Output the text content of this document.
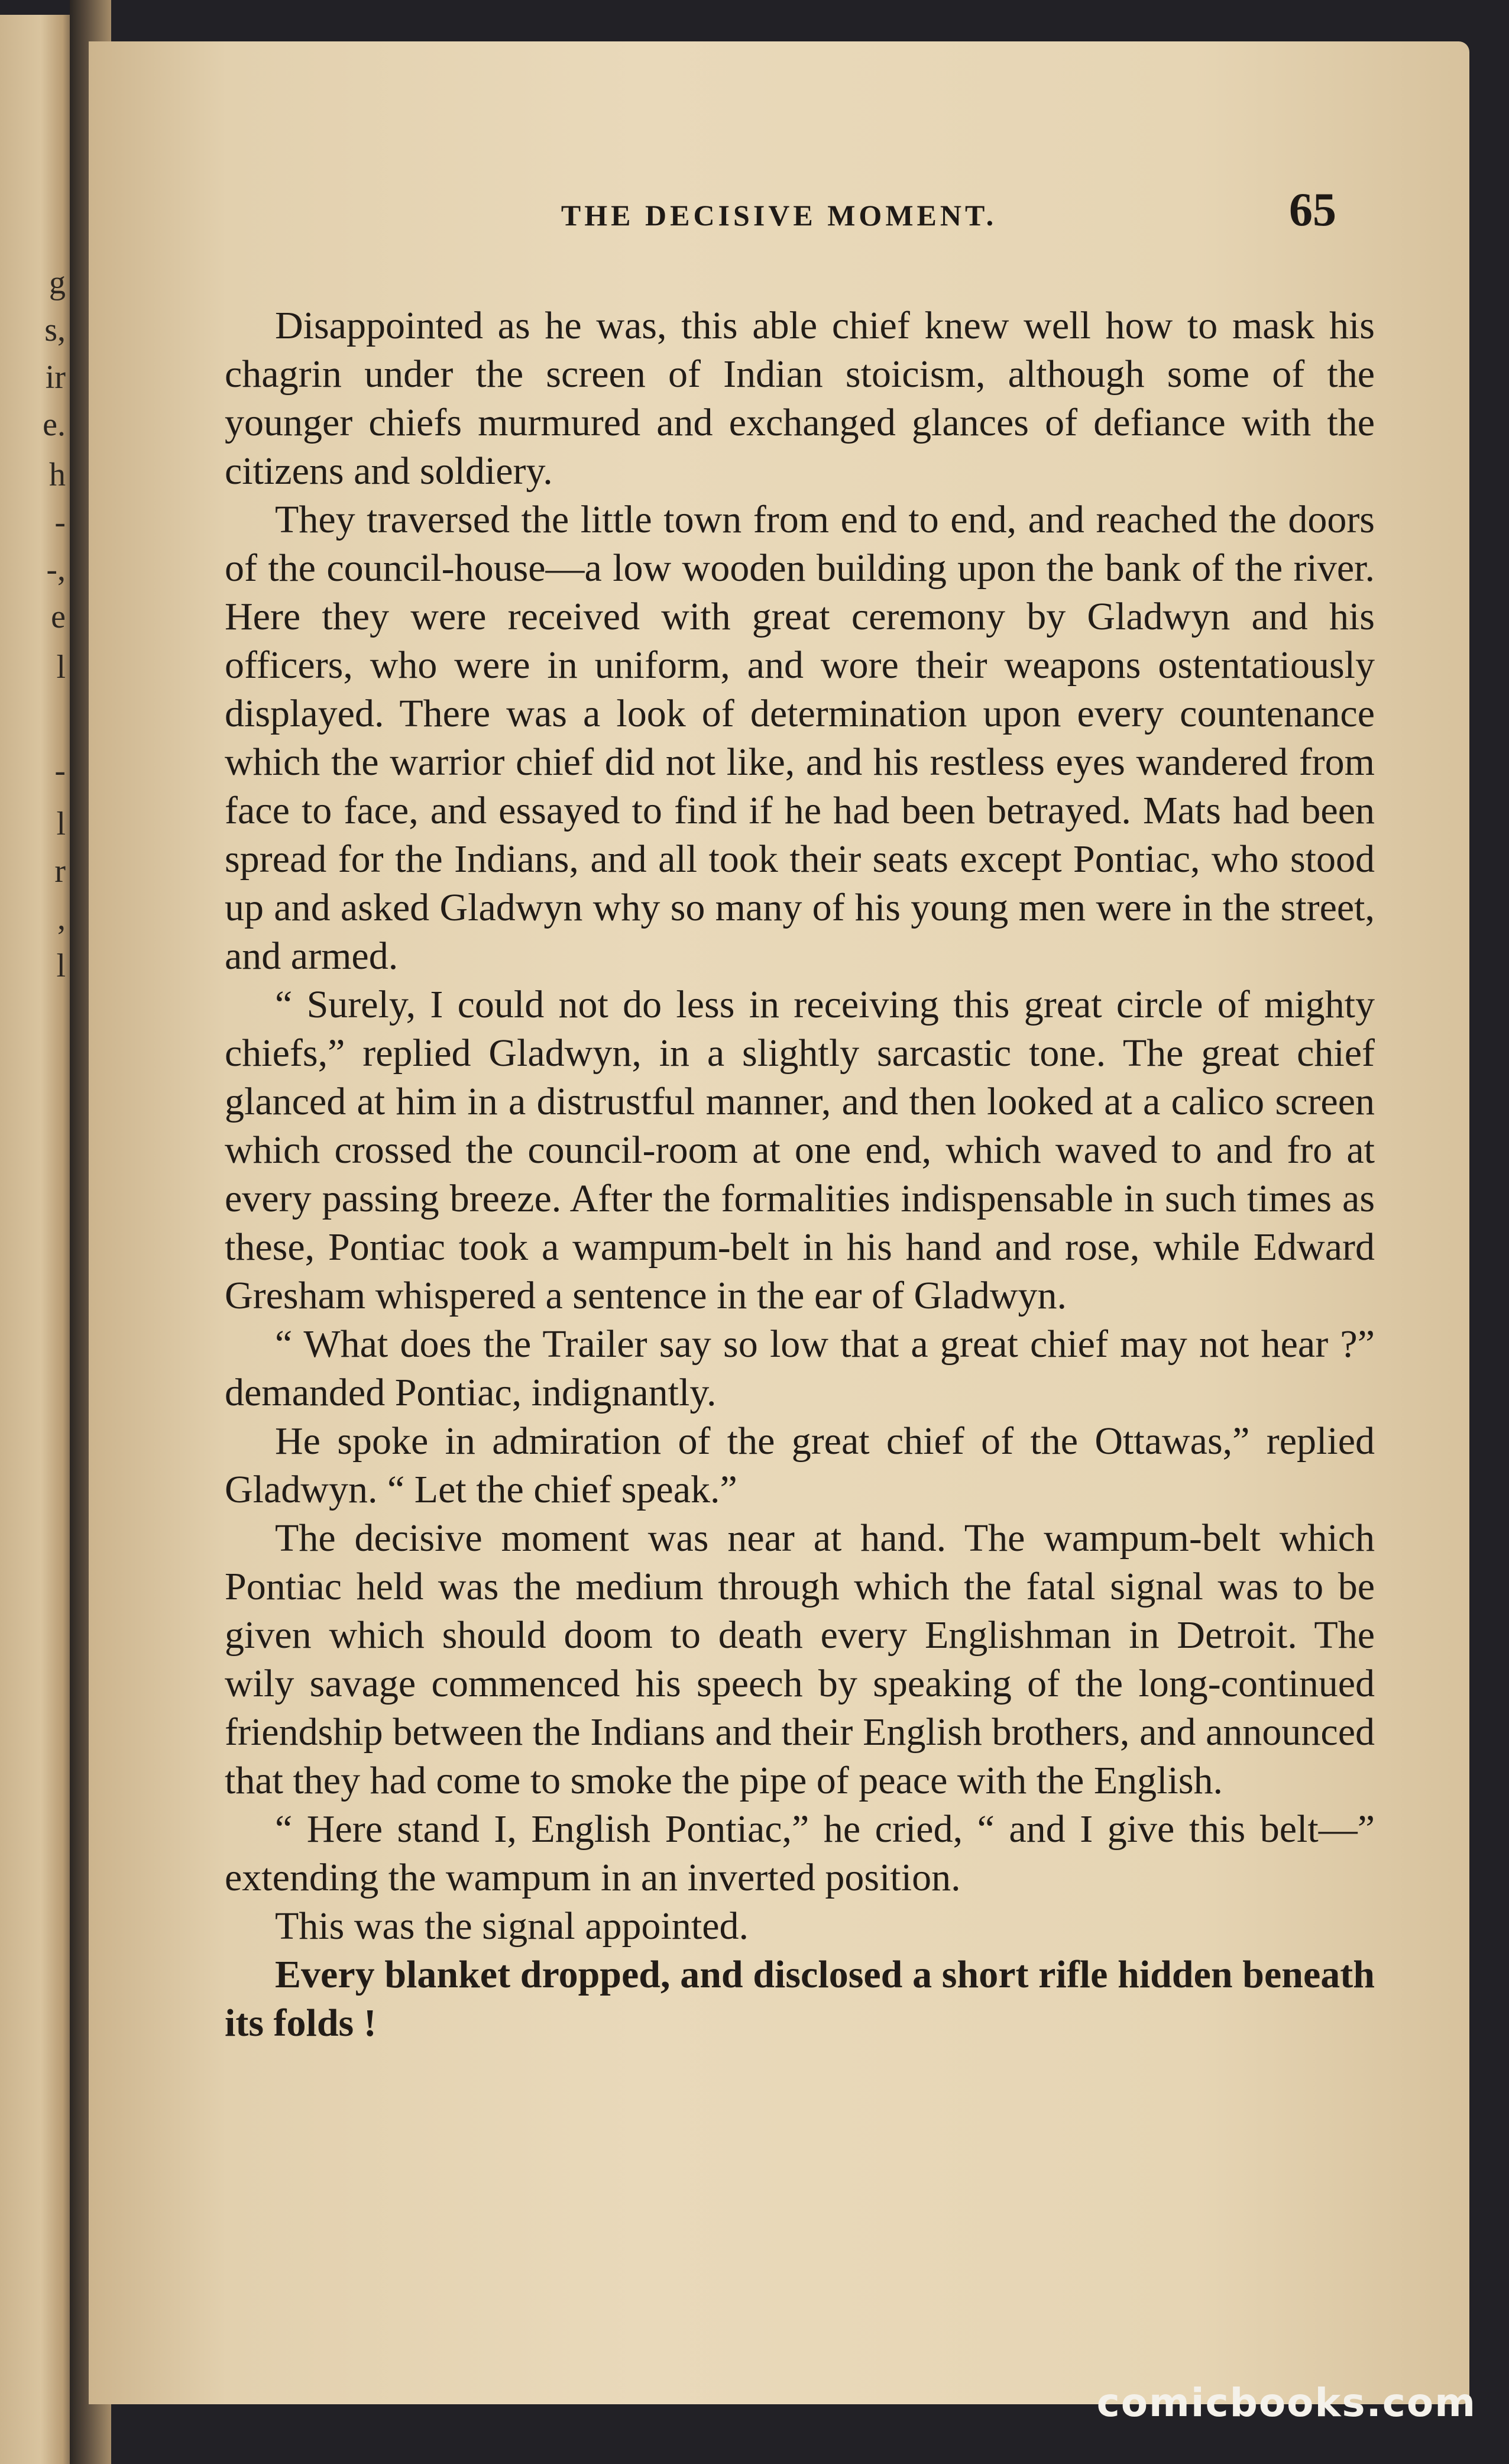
g
s,
ir
e.
h
-
-,
e
l
-
l
r
,
l
THE DECISIVE MOMENT.	65

Disappointed as he was, this able chief knew well how to mask his chagrin under the screen of Indian stoicism, although some of the younger chiefs murmured and exchanged glances of defiance with the citizens and soldiery.

They traversed the little town from end to end, and reached the doors of the council-house—a low wooden building upon the bank of the river. Here they were received with great ceremony by Gladwyn and his officers, who were in uniform, and wore their weapons ostentatiously displayed. There was a look of determination upon every countenance which the warrior chief did not like, and his restless eyes wandered from face to face, and essayed to find if he had been betrayed. Mats had been spread for the Indians, and all took their seats except Pontiac, who stood up and asked Gladwyn why so many of his young men were in the street, and armed.

“ Surely, I could not do less in receiving this great circle of mighty chiefs,” replied Gladwyn, in a slightly sarcastic tone. The great chief glanced at him in a distrustful manner, and then looked at a calico screen which crossed the council-room at one end, which waved to and fro at every passing breeze. After the formalities indispensable in such times as these, Pontiac took a wampum-belt in his hand and rose, while Edward Gresham whispered a sentence in the ear of Gladwyn.

“ What does the Trailer say so low that a great chief may not hear ?” demanded Pontiac, indignantly.

He spoke in admiration of the great chief of the Ottawas,” replied Gladwyn. “ Let the chief speak.”

The decisive moment was near at hand. The wampum-belt which Pontiac held was the medium through which the fatal signal was to be given which should doom to death every Englishman in Detroit. The wily savage commenced his speech by speaking of the long-continued friendship between the Indians and their English brothers, and announced that they had come to smoke the pipe of peace with the English.

“ Here stand I, English Pontiac,” he cried, “ and I give this belt—” extending the wampum in an inverted position.

This was the signal appointed.

Every blanket dropped, and disclosed a short rifle hidden beneath its folds !

comicbooks.com
